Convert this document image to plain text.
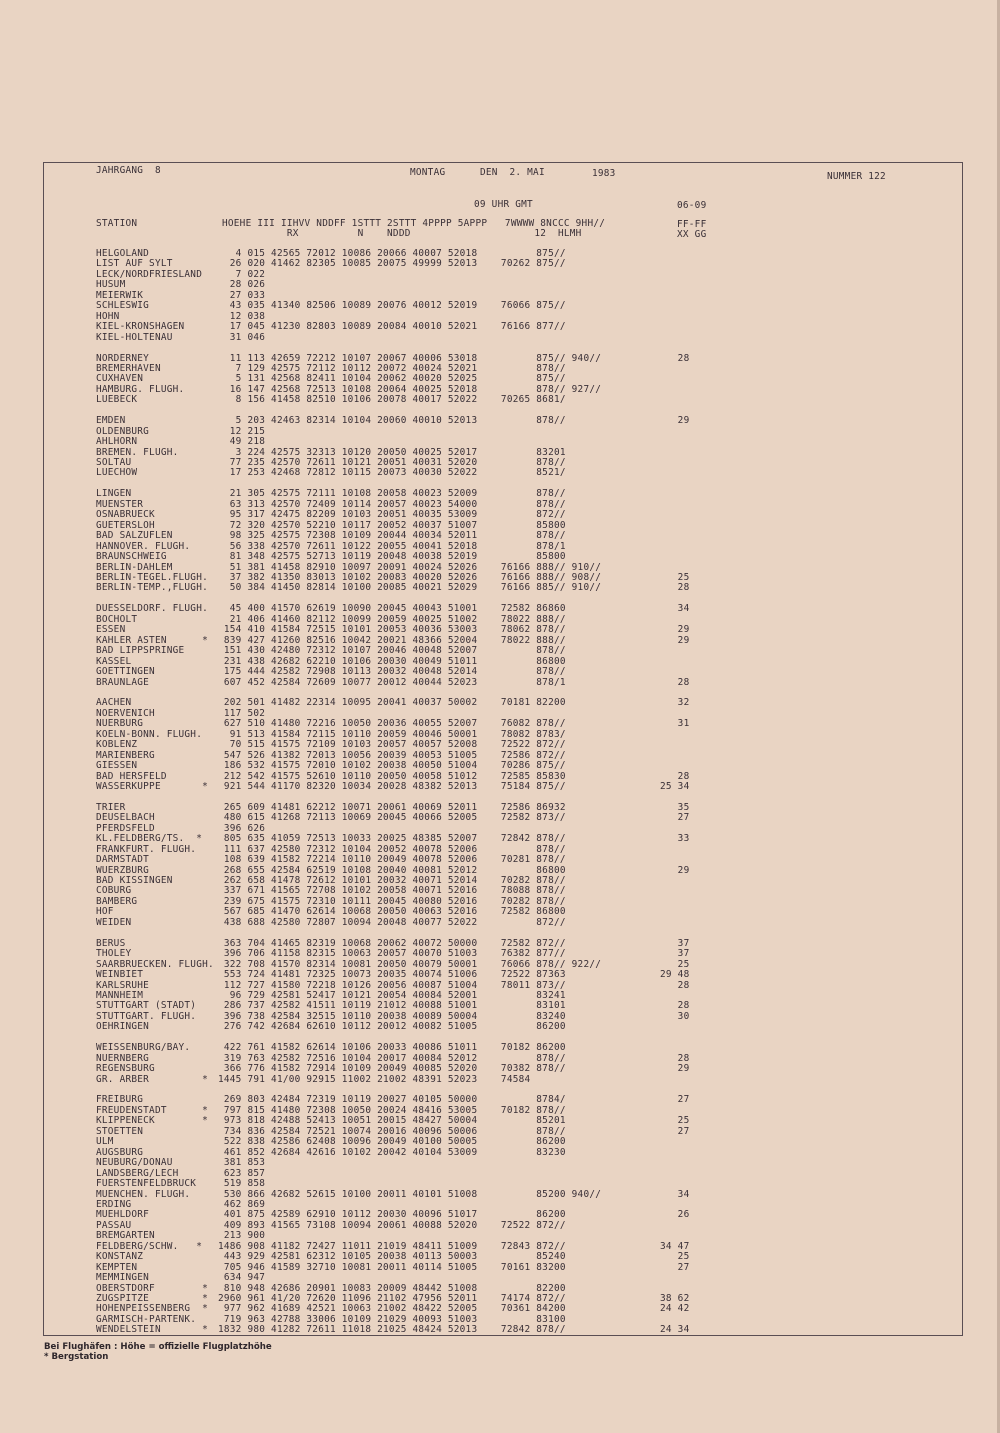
JAHRGANG  8	MONTAG	DEN  2. MAI	1983	NUMMER 122
09 UHR GMT	06-09
STATION	HOEHE III IIHVV NDDFF 1STTT 2STTT 4PPPP 5APPP   7WWWW 8NCCC 9HH//
RX          N    NDDD                     12  HLMH
FF-FF
XX GG
HELGOLAND	4 015 42565 72012 10086 20066 40007 52018          875//
LIST AUF SYLT	26 020 41462 82305 10085 20075 49999 52013    70262 875//
LECK/NORDFRIESLAND 7 022
HUSUM	28 026
MEIERWIK	27 033
SCHLESWIG	43 035 41340 82506 10089 20076 40012 52019    76066 875//
HOHN	12 038
KIEL-KRONSHAGEN	17 045 41230 82803 10089 20084 40010 52021    76166 877//
KIEL-HOLTENAU	31 046
NORDERNEY	11 113 42659 72212 10107 20067 40006 53018          875// 940//	28
BREMERHAVEN	7 129 42575 72112 10112 20072 40024 52021          878//
CUXHAVEN	5 131 42568 82411 10104 20062 40020 52025          875//
HAMBURG. FLUGH.	16 147 42568 72513 10108 20064 40025 52018          878// 927//
LUEBECK	8 156 41458 82510 10106 20078 40017 52022    70265 8681/
EMDEN	5 203 42463 82314 10104 20060 40010 52013          878//	29
OLDENBURG	12 215
AHLHORN	49 218
BREMEN. FLUGH.	3 224 42575 32313 10120 20050 40025 52017          83201
SOLTAU	77 235 42570 72611 10121 20051 40031 52020          878//
LUECHOW	17 253 42468 72812 10115 20073 40030 52022          8521/
LINGEN	21 305 42575 72111 10108 20058 40023 52009          878//
MUENSTER	63 313 42570 72409 10114 20057 40023 54000          878//
OSNABRUECK	95 317 42475 82209 10103 20051 40035 53009          872//
GUETERSLOH	72 320 42570 52210 10117 20052 40037 51007          85800
BAD SALZUFLEN	98 325 42575 72308 10109 20044 40034 52011          878//
HANNOVER. FLUGH.	56 338 42570 72611 10122 20055 40041 52018          878/1
BRAUNSCHWEIG	81 348 42575 52713 10119 20048 40038 52019          85800
BERLIN-DAHLEM	51 381 41458 82910 10097 20091 40024 52026    76166 888// 910//
BERLIN-TEGEL.FLUGH. 37 382 41350 83013 10102 20083 40020 52026    76166 888// 908//	25
BERLIN-TEMP.,FLUGH. 50 384 41450 82814 10100 20085 40021 52029    76166 885// 910//	28
DUESSELDORF. FLUGH. 45 400 41570 62619 10090 20045 40043 51001    72582 86860	34
BOCHOLT	21 406 41460 82112 10099 20059 40025 51002    78022 888//
ESSEN	154 410 41584 72515 10101 20053 40036 53003    78062 878//	29
KAHLER ASTEN      * 839 427 41260 82516 10042 20021 48366 52004    78022 888//	29
BAD LIPPSPRINGE	151 430 42480 72312 10107 20046 40048 52007          878//
KASSEL	231 438 42682 62210 10106 20030 40049 51011          86800
GOETTINGEN	175 444 42582 72908 10113 20032 40048 52014          878//
BRAUNLAGE	607 452 42584 72609 10077 20012 40044 52023          878/1	28
AACHEN	202 501 41482 22314 10095 20041 40037 50002    70181 82200	32
NOERVENICH	117 502
NUERBURG	627 510 41480 72216 10050 20036 40055 52007    76082 878//	31
KOELN-BONN. FLUGH. 91 513 41584 72115 10110 20059 40046 50001    78082 8783/
KOBLENZ	70 515 41575 72109 10103 20057 40057 52008    72522 872//
MARIENBERG	547 526 41382 72013 10056 20039 40053 51005    72586 872//
GIESSEN	186 532 41575 72010 10102 20038 40050 51004    70286 875//
BAD HERSFELD	212 542 41575 52610 10110 20050 40058 51012    72585 85830	28
WASSERKUPPE       * 921 544 41170 82320 10034 20028 48382 52013    75184 875//	25 34
TRIER	265 609 41481 62212 10071 20061 40069 52011    72586 86932	35
DEUSELBACH	480 615 41268 72113 10069 20045 40066 52005    72582 873//	27
PFERDSFELD	396 626
KL.FELDBERG/TS.  * 805 635 41059 72513 10033 20025 48385 52007    72842 878//	33
FRANKFURT. FLUGH. 111 637 42580 72312 10104 20052 40078 52006          878//
DARMSTADT	108 639 41582 72214 10110 20049 40078 52006    70281 878//
WUERZBURG	268 655 42584 62519 10108 20040 40081 52012          86800	29
BAD KISSINGEN	262 658 41478 72612 10101 20032 40071 52014    70282 878//
COBURG	337 671 41565 72708 10102 20058 40071 52016    78088 878//
BAMBERG	239 675 41575 72310 10111 20045 40080 52016    70282 878//
HOF	567 685 41470 62614 10068 20050 40063 52016    72582 86800
WEIDEN	438 688 42580 72807 10094 20048 40077 52022          872//
BERUS	363 704 41465 82319 10068 20062 40072 50000    72582 872//	37
THOLEY	396 706 41158 82315 10063 20057 40070 51003    76382 877//	37
SAARBRUECKEN. FLUGH. 322 708 41570 82314 10081 20050 40079 50001    76066 878// 922//	25
WEINBIET	553 724 41481 72325 10073 20035 40074 51006    72522 87363	29 48
KARLSRUHE	112 727 41580 72218 10126 20056 40087 51004    78011 873//	28
MANNHEIM	96 729 42581 52417 10121 20054 40084 52001          83241
STUTTGART (STADT) 286 737 42582 41511 10119 21012 40088 51001          83101	28
STUTTGART. FLUGH. 396 738 42584 32515 10110 20038 40089 50004          83240	30
OEHRINGEN	276 742 42684 62610 10112 20012 40082 51005          86200
WEISSENBURG/BAY.	422 761 41582 62614 10106 20033 40086 51011    70182 86200
NUERNBERG	319 763 42582 72516 10104 20017 40084 52012          878//	28
REGENSBURG	366 776 41582 72914 10109 20049 40085 52020    70382 878//	29
GR. ARBER         * 1445 791 41/00 92915 11002 21002 48391 52023    74584
FREIBURG	269 803 42484 72319 10119 20027 40105 50000          8784/	27
FREUDENSTADT      * 797 815 41480 72308 10050 20024 48416 53005    70182 878//
KLIPPENECK        * 973 818 42488 52413 10051 20015 48427 50004          85201	25
STOETTEN	734 836 42584 72521 10074 20016 40096 50006          878//	27
ULM	522 838 42586 62408 10096 20049 40100 50005          86200
AUGSBURG	461 852 42684 42616 10102 20042 40104 53009          83230
NEUBURG/DONAU	381 853
LANDSBERG/LECH	623 857
FUERSTENFELDBRUCK 519 858
MUENCHEN. FLUGH.	530 866 42682 52615 10100 20011 40101 51008          85200 940//	34
ERDING	462 869
MUEHLDORF	401 875 42589 62910 10112 20030 40096 51017          86200	26
PASSAU	409 893 41565 73108 10094 20061 40088 52020    72522 872//
BREMGARTEN	213 900
FELDBERG/SCHW.   * 1486 908 41182 72427 11011 21019 48411 51009    72843 872//	34 47
KONSTANZ	443 929 42581 62312 10105 20038 40113 50003          85240	25
KEMPTEN	705 946 41589 32710 10081 20011 40114 51005    70161 83200	27
MEMMINGEN	634 947
OBERSTDORF        * 810 948 42686 20901 10083 20009 48442 51008          82200
ZUGSPITZE         * 2960 961 41/20 72620 11096 21102 47956 52011    74174 872//	38 62
HOHENPEISSENBERG  * 977 962 41689 42521 10063 21002 48422 52005    70361 84200	24 42
GARMISCH-PARTENK. 719 963 42788 33006 10109 21029 40093 51003          83100
WENDELSTEIN       * 1832 980 41282 72611 11018 21025 48424 52013    72842 878//	24 34
Bei Flughäfen : Höhe = offizielle Flugplatzhöhe
* Bergstation
